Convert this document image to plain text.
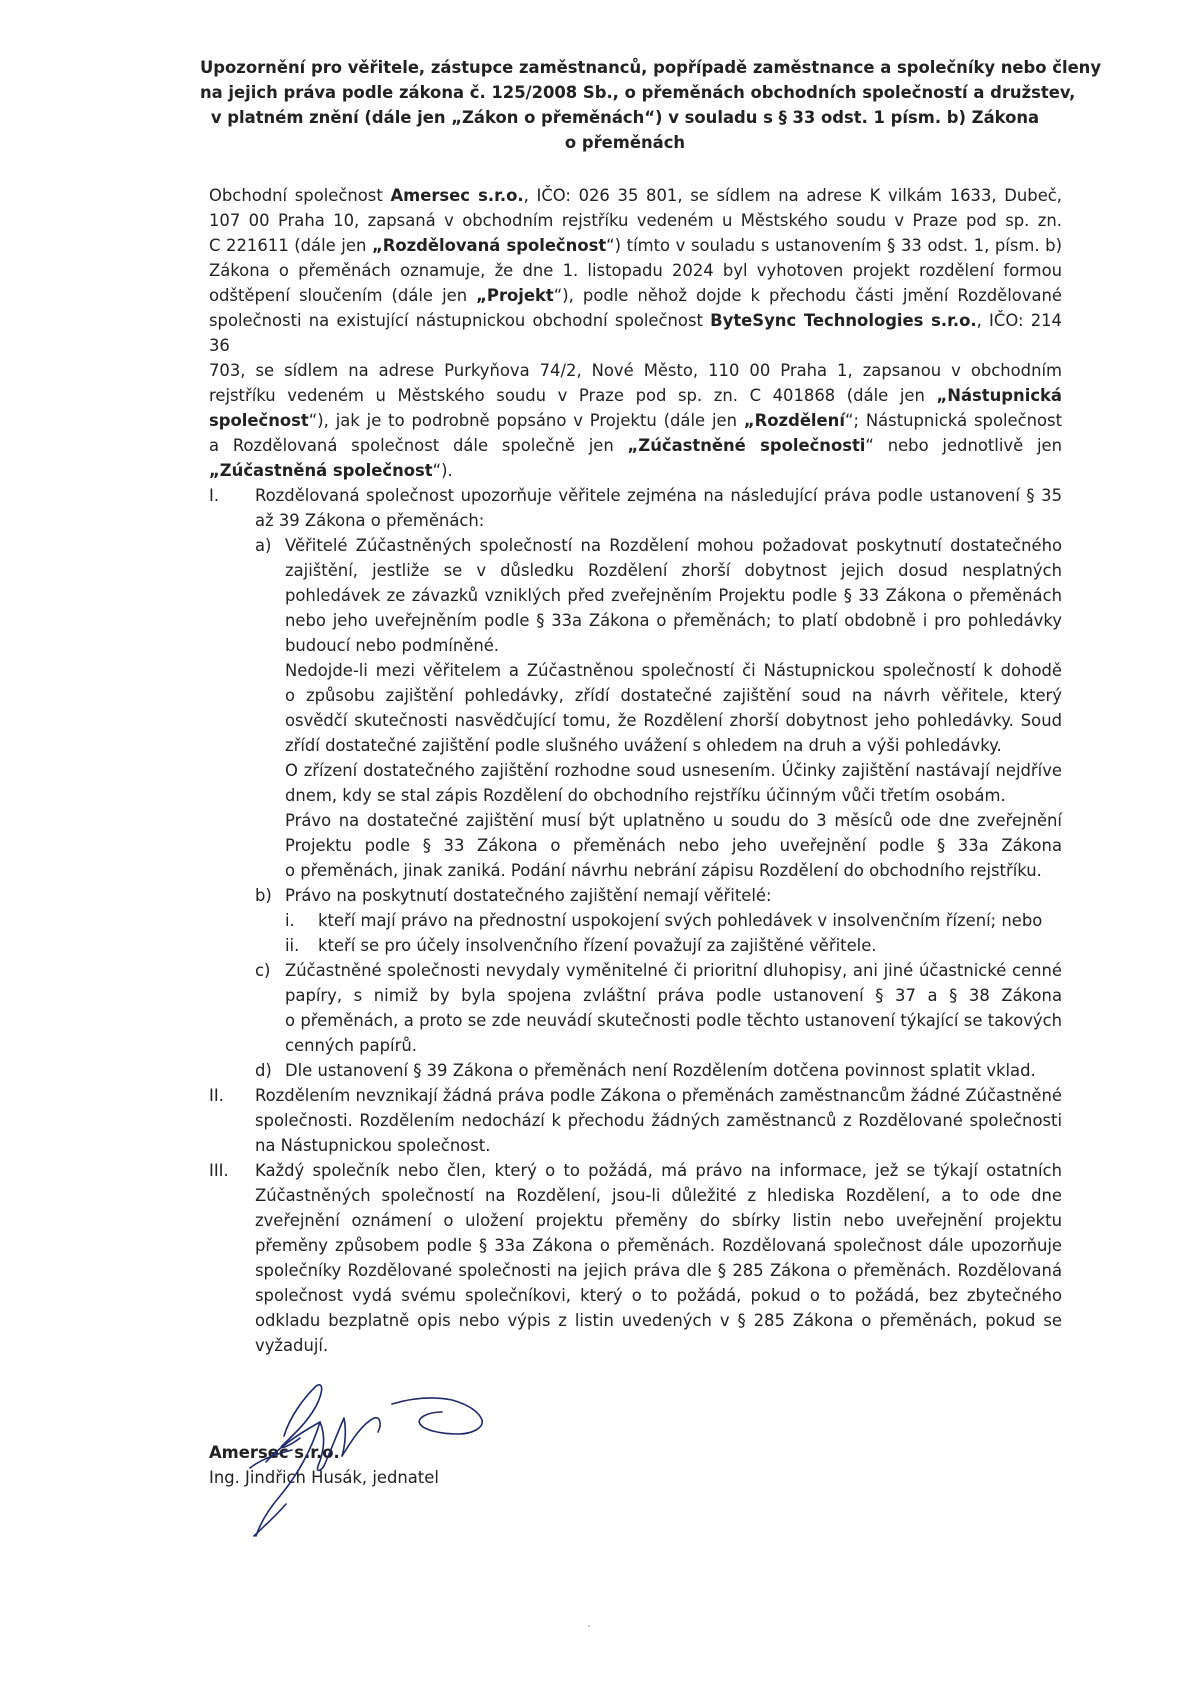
Upozornění pro věřitele, zástupce zaměstnanců, popřípadě zaměstnance a společníky nebo členy
na jejich práva podle zákona č. 125/2008 Sb., o přeměnách obchodních společností a družstev,
v platném znění (dále jen „Zákon o přeměnách“) v souladu s § 33 odst. 1 písm. b) Zákona
o přeměnách
Obchodní společnost Amersec s.r.o., IČO: 026 35 801, se sídlem na adrese K vilkám 1633, Dubeč,
107 00 Praha 10, zapsaná v obchodním rejstříku vedeném u Městského soudu v Praze pod sp. zn.
C 221611 (dále jen „Rozdělovaná společnost“) tímto v souladu s ustanovením § 33 odst. 1, písm. b)
Zákona o přeměnách oznamuje, že dne 1. listopadu 2024 byl vyhotoven projekt rozdělení formou
odštěpení sloučením (dále jen „Projekt“), podle něhož dojde k přechodu části jmění Rozdělované
společnosti na existující nástupnickou obchodní společnost ByteSync Technologies s.r.o., IČO: 214 36
703, se sídlem na adrese Purkyňova 74/2, Nové Město, 110 00 Praha 1, zapsanou v obchodním
rejstříku vedeném u Městského soudu v Praze pod sp. zn. C 401868 (dále jen „Nástupnická
společnost“), jak je to podrobně popsáno v Projektu (dále jen „Rozdělení“; Nástupnická společnost
a Rozdělovaná společnost dále společně jen „Zúčastněné společnosti“ nebo jednotlivě jen
„Zúčastněná společnost“).
I. Rozdělovaná společnost upozorňuje věřitele zejména na následující práva podle ustanovení § 35
až 39 Zákona o přeměnách:
a) Věřitelé Zúčastněných společností na Rozdělení mohou požadovat poskytnutí dostatečného
zajištění, jestliže se v důsledku Rozdělení zhorší dobytnost jejich dosud nesplatných
pohledávek ze závazků vzniklých před zveřejněním Projektu podle § 33 Zákona o přeměnách
nebo jeho uveřejněním podle § 33a Zákona o přeměnách; to platí obdobně i pro pohledávky
budoucí nebo podmíněné.
Nedojde-li mezi věřitelem a Zúčastněnou společností či Nástupnickou společností k dohodě
o způsobu zajištění pohledávky, zřídí dostatečné zajištění soud na návrh věřitele, který
osvědčí skutečnosti nasvědčující tomu, že Rozdělení zhorší dobytnost jeho pohledávky. Soud
zřídí dostatečné zajištění podle slušného uvážení s ohledem na druh a výši pohledávky.
O zřízení dostatečného zajištění rozhodne soud usnesením. Účinky zajištění nastávají nejdříve
dnem, kdy se stal zápis Rozdělení do obchodního rejstříku účinným vůči třetím osobám.
Právo na dostatečné zajištění musí být uplatněno u soudu do 3 měsíců ode dne zveřejnění
Projektu podle § 33 Zákona o přeměnách nebo jeho uveřejnění podle § 33a Zákona
o přeměnách, jinak zaniká. Podání návrhu nebrání zápisu Rozdělení do obchodního rejstříku.
b) Právo na poskytnutí dostatečného zajištění nemají věřitelé:
i. kteří mají právo na přednostní uspokojení svých pohledávek v insolvenčním řízení; nebo
ii. kteří se pro účely insolvenčního řízení považují za zajištěné věřitele.
c) Zúčastněné společnosti nevydaly vyměnitelné či prioritní dluhopisy, ani jiné účastnické cenné
papíry, s nimiž by byla spojena zvláštní práva podle ustanovení § 37 a § 38 Zákona
o přeměnách, a proto se zde neuvádí skutečnosti podle těchto ustanovení týkající se takových
cenných papírů.
d) Dle ustanovení § 39 Zákona o přeměnách není Rozdělením dotčena povinnost splatit vklad.
II. Rozdělením nevznikají žádná práva podle Zákona o přeměnách zaměstnancům žádné Zúčastněné
společnosti. Rozdělením nedochází k přechodu žádných zaměstnanců z Rozdělované společnosti
na Nástupnickou společnost.
III. Každý společník nebo člen, který o to požádá, má právo na informace, jež se týkají ostatních
Zúčastněných společností na Rozdělení, jsou-li důležité z hlediska Rozdělení, a to ode dne
zveřejnění oznámení o uložení projektu přeměny do sbírky listin nebo uveřejnění projektu
přeměny způsobem podle § 33a Zákona o přeměnách. Rozdělovaná společnost dále upozorňuje
společníky Rozdělované společnosti na jejich práva dle § 285 Zákona o přeměnách. Rozdělovaná
společnost vydá svému společníkovi, který o to požádá, pokud o to požádá, bez zbytečného
odkladu bezplatně opis nebo výpis z listin uvedených v § 285 Zákona o přeměnách, pokud se
vyžadují.
Amersec s.r.o.
Ing. Jindřich Husák, jednatel
